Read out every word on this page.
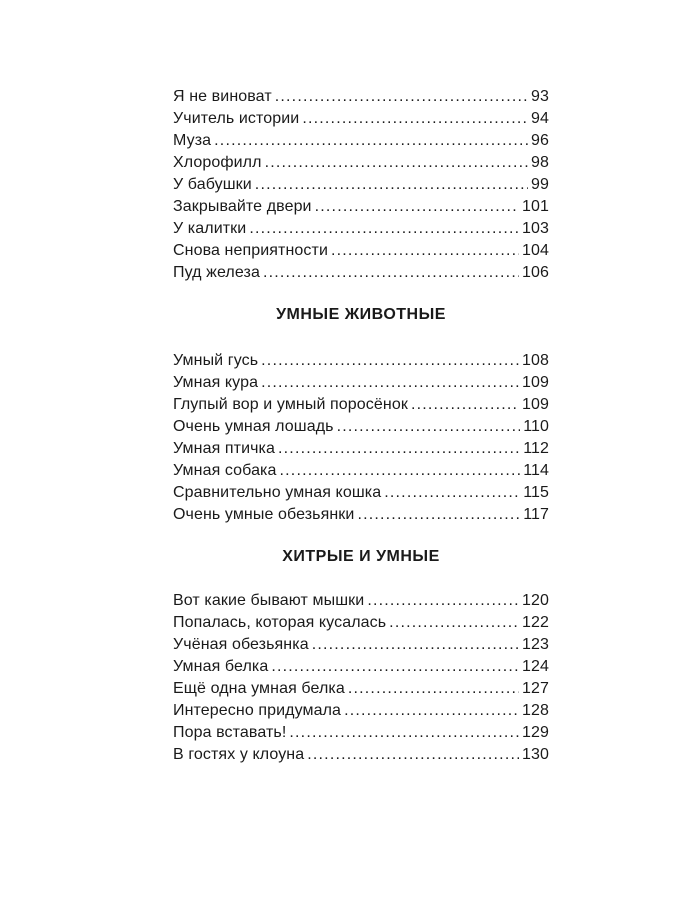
Я не виноват .....	93
Учитель истории .....	94
Муза .....	96
Хлорофилл .....	98
У бабушки .....	99
Закрывайте двери .....	101
У калитки .....	103
Снова неприятности .....	104
Пуд железа .....	106
УМНЫЕ ЖИВОТНЫЕ
Умный гусь .....	108
Умная кура .....	109
Глупый вор и умный поросёнок .....	109
Очень умная лошадь .....	110
Умная птичка .....	112
Умная собака .....	114
Сравнительно умная кошка .....	115
Очень умные обезьянки .....	117
ХИТРЫЕ И УМНЫЕ
Вот какие бывают мышки .....	120
Попалась, которая кусалась .....	122
Учёная обезьянка .....	123
Умная белка .....	124
Ещё одна умная белка .....	127
Интересно придумала .....	128
Пора вставать! .....	129
В гостях у клоуна .....	130
